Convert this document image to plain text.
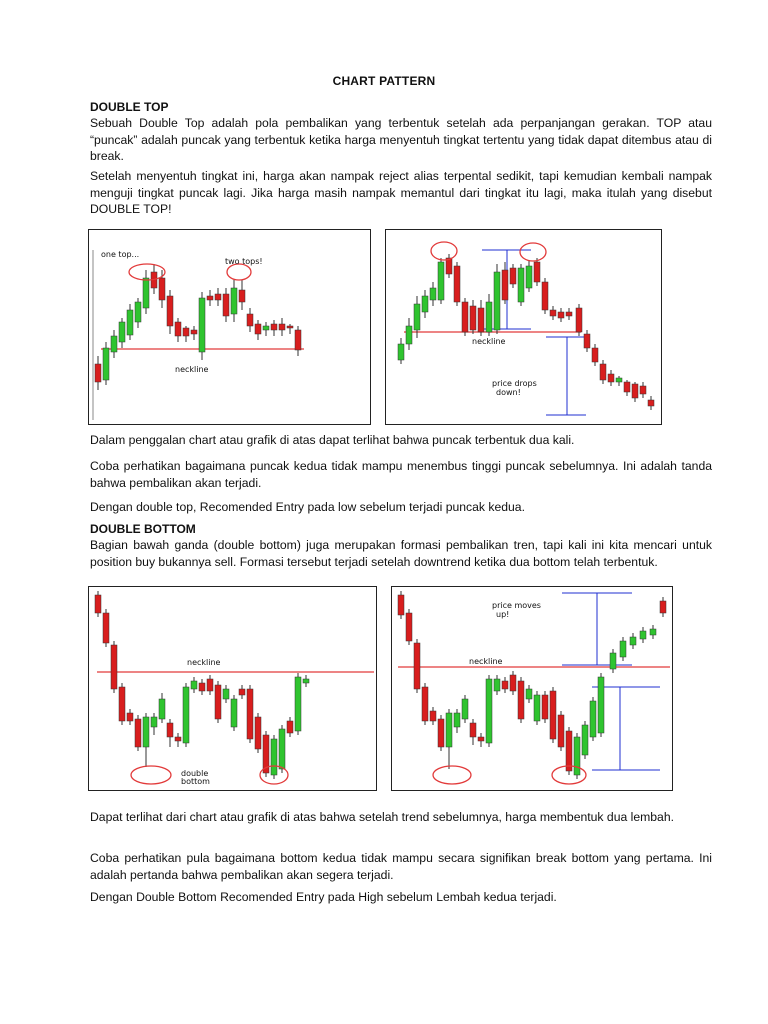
CHART PATTERN
DOUBLE TOP
Sebuah Double Top adalah pola pembalikan yang terbentuk setelah ada perpanjangan gerakan. TOP atau “puncak” adalah puncak yang terbentuk ketika harga menyentuh tingkat tertentu yang tidak dapat ditembus atau di break.
Setelah menyentuh tingkat ini, harga akan nampak reject alias terpental sedikit, tapi kemudian kembali nampak menguji tingkat puncak lagi. Jika harga masih nampak memantul dari tingkat itu lagi, maka itulah yang disebut DOUBLE TOP!
one top...
two tops!
neckline
neckline
price drops
down!
Dalam penggalan chart atau grafik di atas dapat terlihat bahwa puncak terbentuk dua kali.
Coba perhatikan bagaimana puncak kedua tidak mampu menembus tinggi puncak sebelumnya. Ini adalah tanda bahwa pembalikan akan terjadi.
Dengan double top, Recomended Entry pada low sebelum terjadi puncak kedua.
DOUBLE BOTTOM
Bagian bawah ganda (double bottom) juga merupakan formasi pembalikan tren, tapi kali ini kita mencari untuk position buy bukannya sell. Formasi tersebut terjadi setelah downtrend ketika dua bottom telah terbentuk.
neckline
double
bottom
price moves
up!
neckline
Dapat terlihat dari chart atau grafik di atas bahwa setelah trend sebelumnya, harga membentuk dua lembah.
Coba perhatikan pula bagaimana bottom kedua tidak mampu secara signifikan break bottom yang pertama. Ini adalah pertanda bahwa pembalikan akan segera terjadi.
Dengan Double Bottom Recomended Entry pada High sebelum Lembah kedua terjadi.
